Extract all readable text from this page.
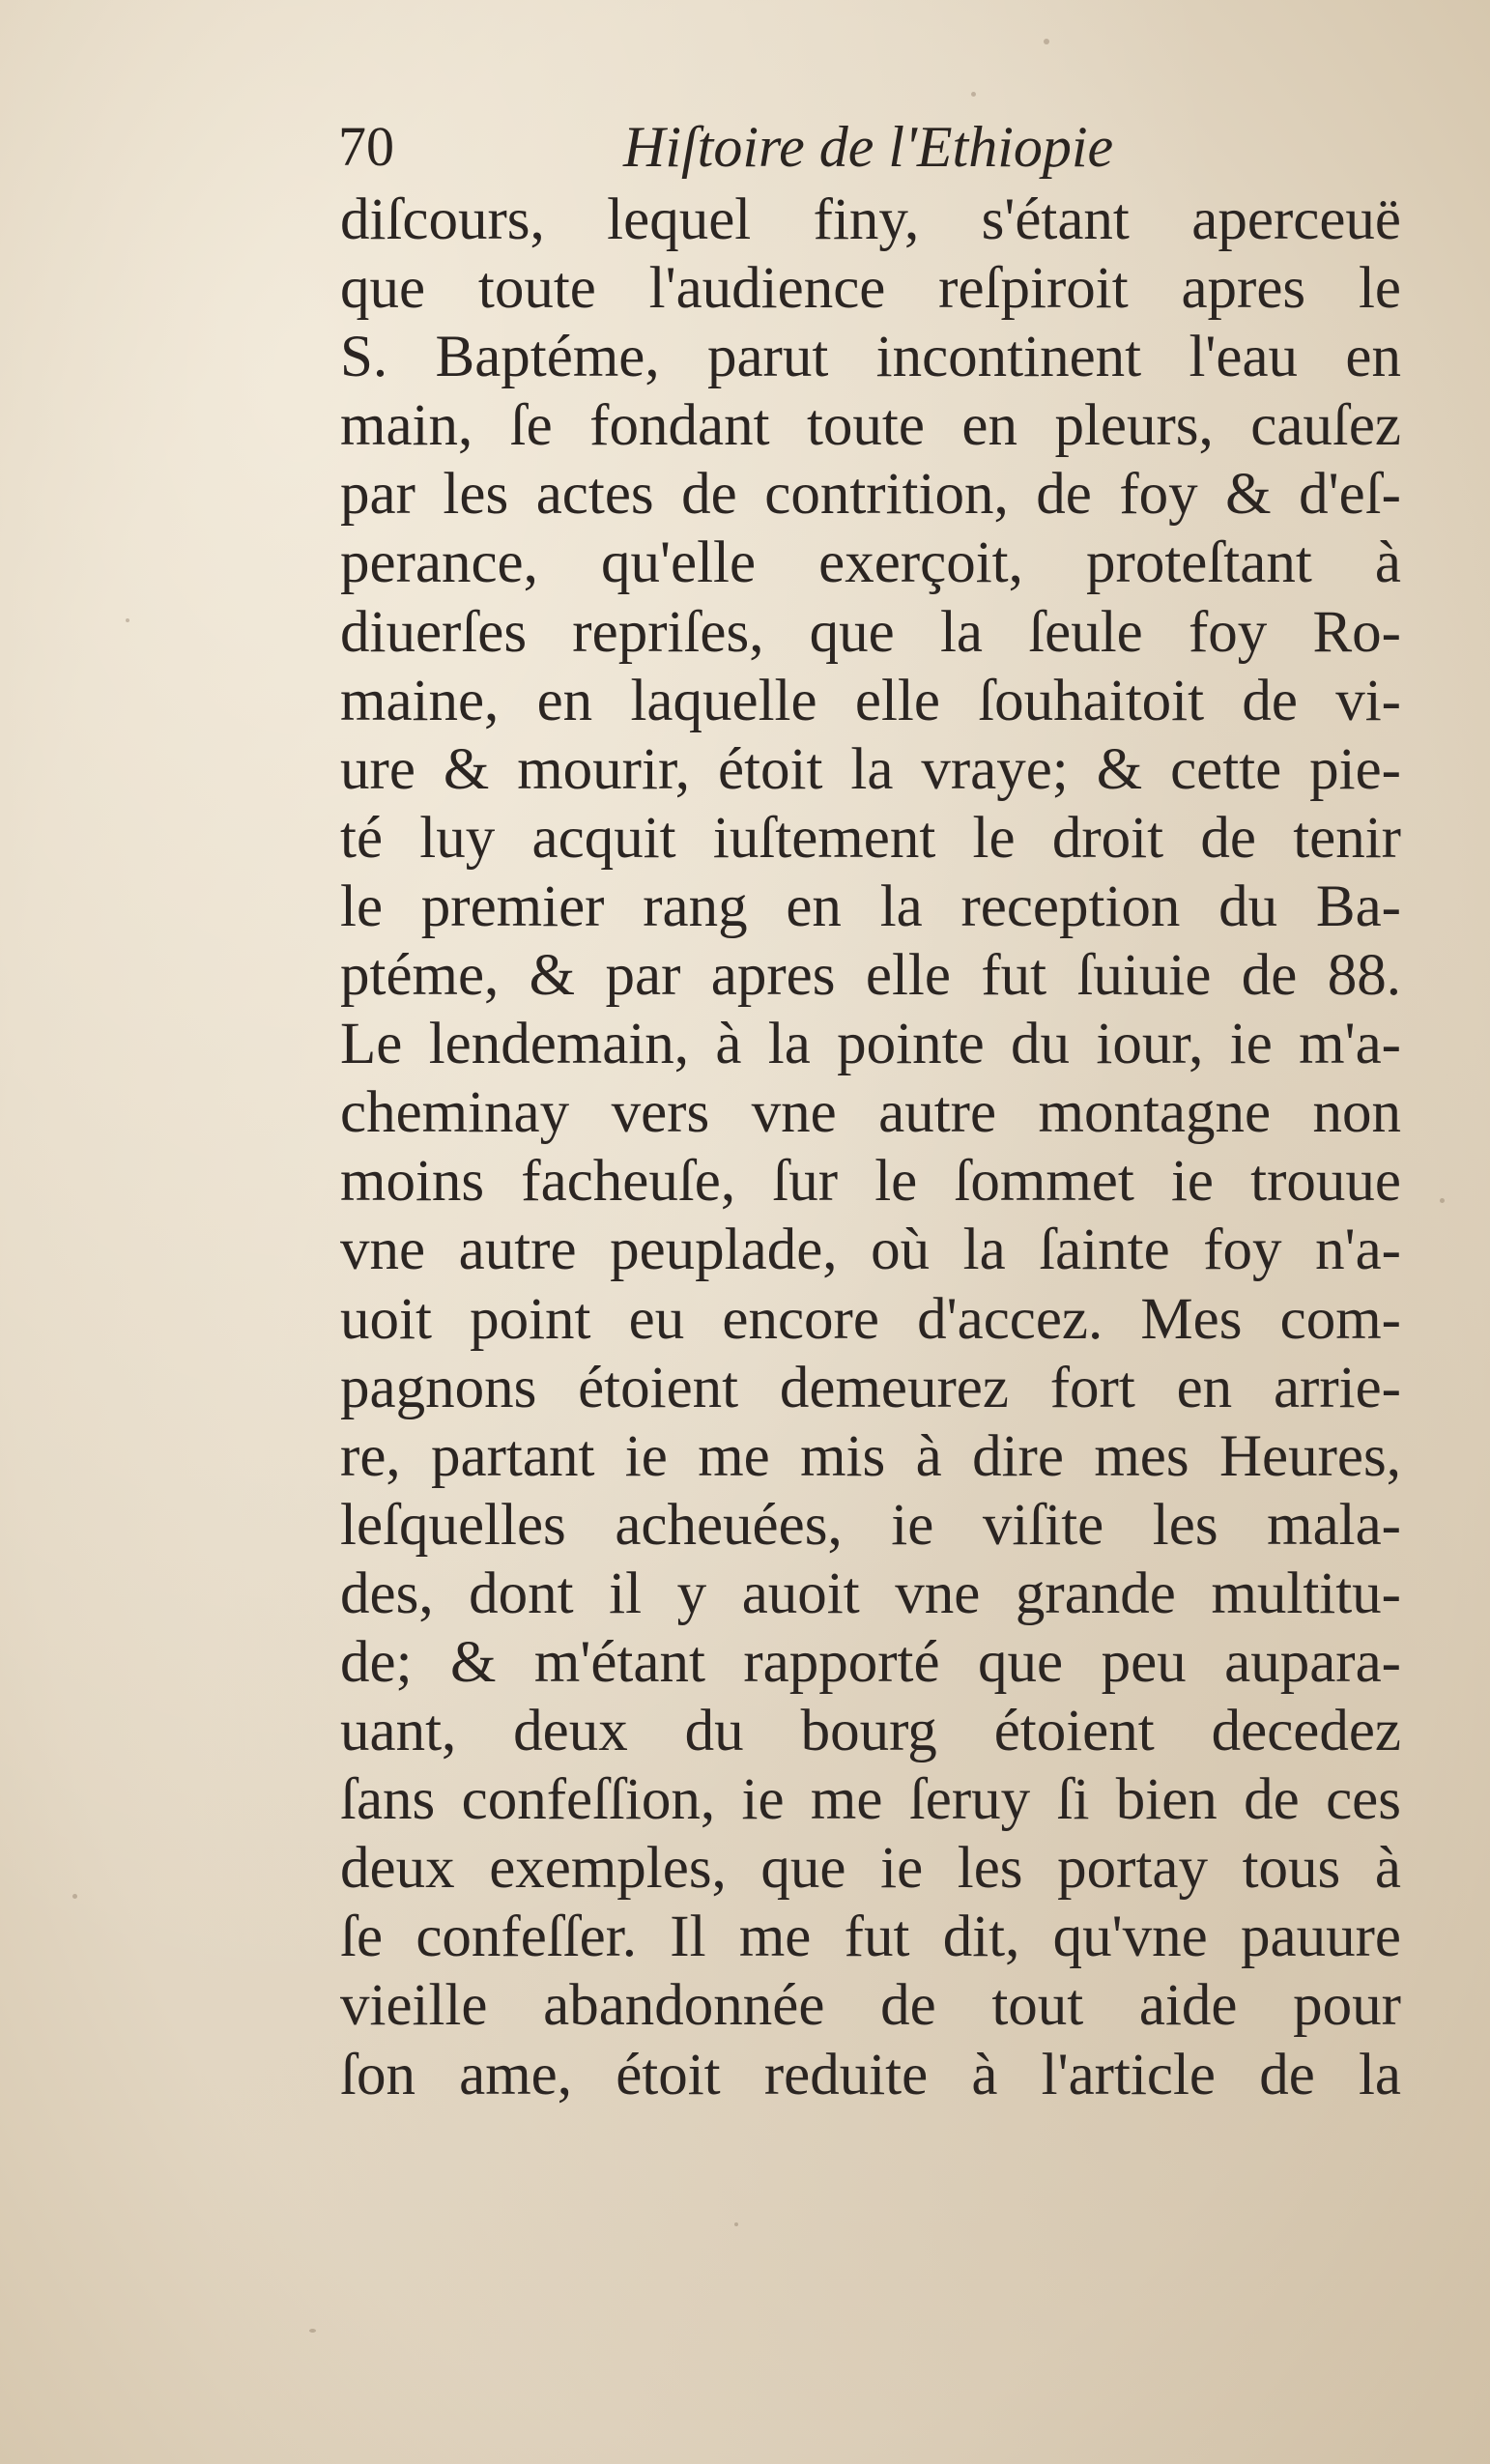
70	Hiſtoire de l'Ethiopie
diſcours, lequel finy, s'étant aperceuë
que toute l'audience reſpiroit apres le
S. Baptéme, parut incontinent l'eau en
main, ſe fondant toute en pleurs, cauſez
par les actes de contrition, de foy & d'eſ-
perance, qu'elle exerçoit, proteſtant à
diuerſes repriſes, que la ſeule foy Ro-
maine, en laquelle elle ſouhaitoit de vi-
ure & mourir, étoit la vraye; & cette pie-
té luy acquit iuſtement le droit de tenir
le premier rang en la reception du Ba-
ptéme, & par apres elle fut ſuiuie de 88.
Le lendemain, à la pointe du iour, ie m'a-
cheminay vers vne autre montagne non
moins facheuſe, ſur le ſommet ie trouue
vne autre peuplade, où la ſainte foy n'a-
uoit point eu encore d'accez. Mes com-
pagnons étoient demeurez fort en arrie-
re, partant ie me mis à dire mes Heures,
leſquelles acheuées, ie viſite les mala-
des, dont il y auoit vne grande multitu-
de; & m'étant rapporté que peu aupara-
uant, deux du bourg étoient decedez
ſans confeſſion, ie me ſeruy ſi bien de ces
deux exemples, que ie les portay tous à
ſe confeſſer. Il me fut dit, qu'vne pauure
vieille abandonnée de tout aide pour
ſon ame, étoit reduite à l'article de la
